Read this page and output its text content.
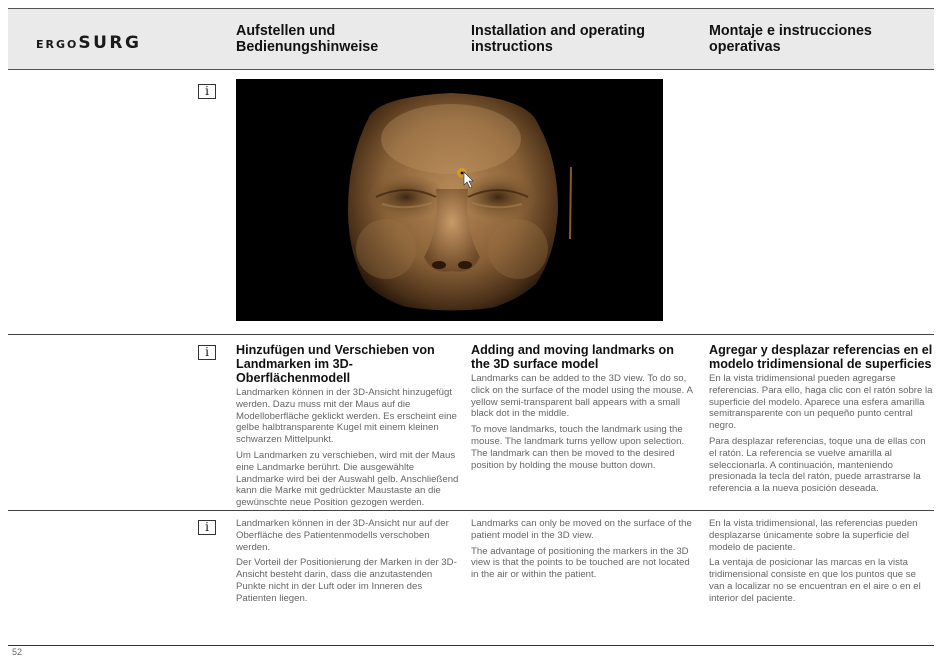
ERGOSURG
Aufstellen und
Bedienungshinweise
Installation and operating
instructions
Montaje e instrucciones
operativas
i
i	Hinzufügen und Verschieben von
Landmarken im 3D-Oberflächenmodell

Landmarken können in der 3D-Ansicht hinzugefügt werden. Dazu muss mit der Maus auf die Modelloberfläche geklickt werden. Es erscheint eine gelbe halbtransparente Kugel mit einem kleinen schwarzen Mittelpunkt.

Um Landmarken zu verschieben, wird mit der Maus eine Landmarke berührt. Die ausgewählte Landmarke wird bei der Auswahl gelb. Anschließend kann die Marke mit gedrückter Maustaste an die gewünschte neue Position gezogen werden.

Adding and moving landmarks on
the 3D surface model

Landmarks can be added to the 3D view. To do so, click on the surface of the model using the mouse. A yellow semi-transparent ball appears with a small black dot in the middle.

To move landmarks, touch the landmark using the mouse. The landmark turns yellow upon selection. The landmark can then be moved to the desired position by holding the mouse button down.

Agregar y desplazar referencias en el
modelo tridimensional de superficies

En la vista tridimensional pueden agregarse referencias. Para ello, haga clic con el ratón sobre la superficie del modelo. Aparece una esfera amarilla semitransparente con un pequeño punto central negro.

Para desplazar referencias, toque una de ellas con el ratón. La referencia se vuelve amarilla al seleccionarla. A continuación, manteniendo presionada la tecla del ratón, puede arrastrarse la referencia a la nueva posición deseada.

i	Landmarken können in der 3D-Ansicht nur auf der Oberfläche des Patientenmodells verschoben werden.

Der Vorteil der Positionierung der Marken in der 3D-Ansicht besteht darin, dass die anzutastenden Punkte nicht in der Luft oder im Inneren des Patienten liegen.

Landmarks can only be moved on the surface of the patient model in the 3D view.

The advantage of positioning the markers in the 3D view is that the points to be touched are not located in the air or within the patient.

En la vista tridimensional, las referencias pueden desplazarse únicamente sobre la superficie del modelo de paciente.

La ventaja de posicionar las marcas en la vista tridimensional consiste en que los puntos que se van a localizar no se encuentran en el aire o en el interior del paciente.

52
